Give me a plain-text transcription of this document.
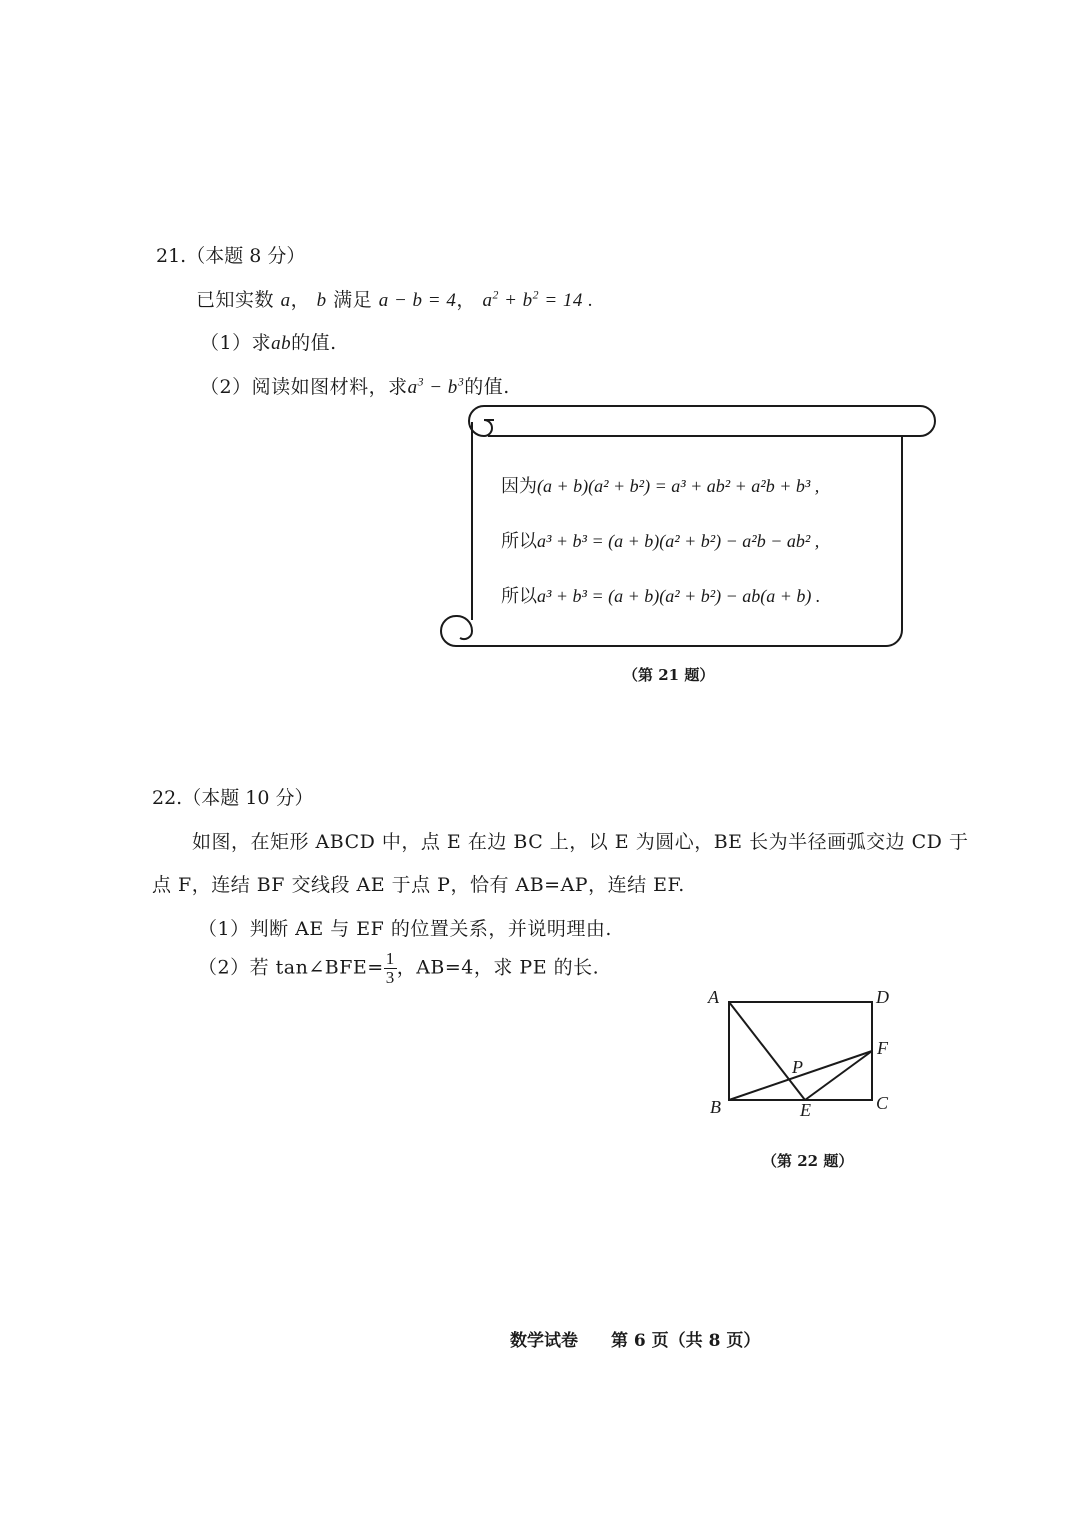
21.（本题 8 分）
已知实数 a， b 满足 a − b = 4， $a^2 + b^2 = 14$ .
（1）求ab的值.
（2）阅读如图材料，求$a^3 - b^3$的值.
因为(a + b)(a² + b²) = a³ + ab² + a²b + b³ ,
所以a³ + b³ = (a + b)(a² + b²) − a²b − ab² ,
所以a³ + b³ = (a + b)(a² + b²) − ab(a + b) .
（第 21 题）
22.（本题 10 分）
如图，在矩形 ABCD 中，点 E 在边 BC 上，以 E 为圆心，BE 长为半径画弧交边 CD 于
点 F，连结 BF 交线段 AE 于点 P，恰有 AB=AP，连结 EF.
（1）判断 AE 与 EF 的位置关系，并说明理由.
（2）若 tan∠BFE= $\frac{1}{3}$ ，AB=4，求 PE 的长.
A	D
B	C
E
F
P
（第 22 题）
数学试卷 第 6 页（共 8 页）
